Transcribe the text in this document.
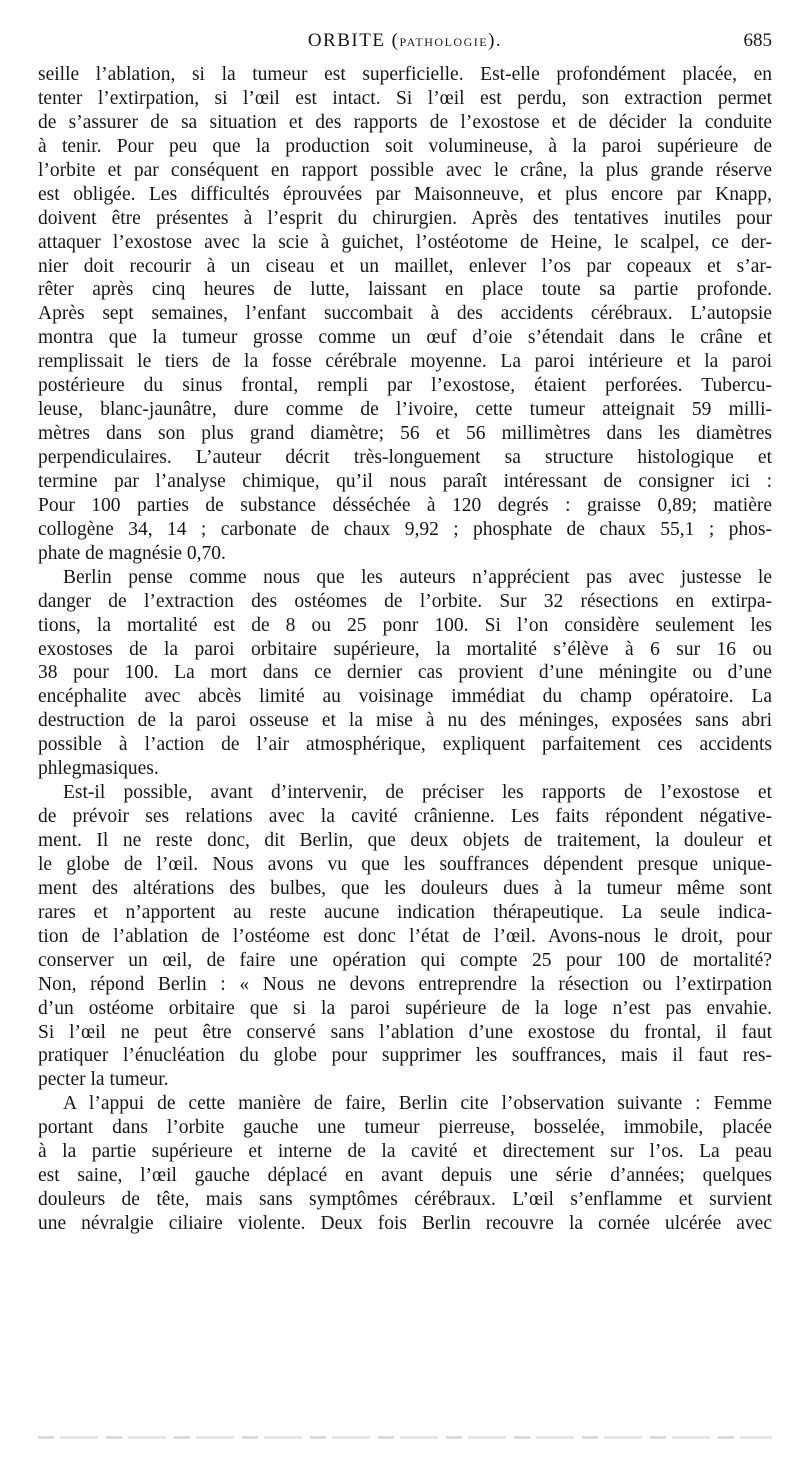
ORBITE (PATHOLOGIE).	685
seille l’ablation, si la tumeur est superficielle. Est-elle profondément placée, en
tenter l’extirpation, si l’œil est intact. Si l’œil est perdu, son extraction permet
de s’assurer de sa situation et des rapports de l’exostose et de décider la conduite
à tenir. Pour peu que la production soit volumineuse, à la paroi supérieure de
l’orbite et par conséquent en rapport possible avec le crâne, la plus grande réserve
est obligée. Les difficultés éprouvées par Maisonneuve, et plus encore par Knapp,
doivent être présentes à l’esprit du chirurgien. Après des tentatives inutiles pour
attaquer l’exostose avec la scie à guichet, l’ostéotome de Heine, le scalpel, ce der-
nier doit recourir à un ciseau et un maillet, enlever l’os par copeaux et s’ar-
rêter après cinq heures de lutte, laissant en place toute sa partie profonde.
Après sept semaines, l’enfant succombait à des accidents cérébraux. L’autopsie
montra que la tumeur grosse comme un œuf d’oie s’étendait dans le crâne et
remplissait le tiers de la fosse cérébrale moyenne. La paroi intérieure et la paroi
postérieure du sinus frontal, rempli par l’exostose, étaient perforées. Tubercu-
leuse, blanc-jaunâtre, dure comme de l’ivoire, cette tumeur atteignait 59 milli-
mètres dans son plus grand diamètre; 56 et 56 millimètres dans les diamètres
perpendiculaires. L’auteur décrit très-longuement sa structure histologique et
termine par l’analyse chimique, qu’il nous paraît intéressant de consigner ici :
Pour 100 parties de substance désséchée à 120 degrés : graisse 0,89; matière
collogène 34, 14 ; carbonate de chaux 9,92 ; phosphate de chaux 55,1 ; phos-
phate de magnésie 0,70.
Berlin pense comme nous que les auteurs n’apprécient pas avec justesse le
danger de l’extraction des ostéomes de l’orbite. Sur 32 résections en extirpa-
tions, la mortalité est de 8 ou 25 ponr 100. Si l’on considère seulement les
exostoses de la paroi orbitaire supérieure, la mortalité s’élève à 6 sur 16 ou
38 pour 100. La mort dans ce dernier cas provient d’une méningite ou d’une
encéphalite avec abcès limité au voisinage immédiat du champ opératoire. La
destruction de la paroi osseuse et la mise à nu des méninges, exposées sans abri
possible à l’action de l’air atmosphérique, expliquent parfaitement ces accidents
phlegmasiques.
Est-il possible, avant d’intervenir, de préciser les rapports de l’exostose et
de prévoir ses relations avec la cavité crânienne. Les faits répondent négative-
ment. Il ne reste donc, dit Berlin, que deux objets de traitement, la douleur et
le globe de l’œil. Nous avons vu que les souffrances dépendent presque unique-
ment des altérations des bulbes, que les douleurs dues à la tumeur même sont
rares et n’apportent au reste aucune indication thérapeutique. La seule indica-
tion de l’ablation de l’ostéome est donc l’état de l’œil. Avons-nous le droit, pour
conserver un œil, de faire une opération qui compte 25 pour 100 de mortalité?
Non, répond Berlin : « Nous ne devons entreprendre la résection ou l’extirpation
d’un ostéome orbitaire que si la paroi supérieure de la loge n’est pas envahie.
Si l’œil ne peut être conservé sans l’ablation d’une exostose du frontal, il faut
pratiquer l’énucléation du globe pour supprimer les souffrances, mais il faut res-
pecter la tumeur.
A l’appui de cette manière de faire, Berlin cite l’observation suivante : Femme
portant dans l’orbite gauche une tumeur pierreuse, bosselée, immobile, placée
à la partie supérieure et interne de la cavité et directement sur l’os. La peau
est saine, l’œil gauche déplacé en avant depuis une série d’années; quelques
douleurs de tête, mais sans symptômes cérébraux. L’œil s’enflamme et survient
une névralgie ciliaire violente. Deux fois Berlin recouvre la cornée ulcérée avec
